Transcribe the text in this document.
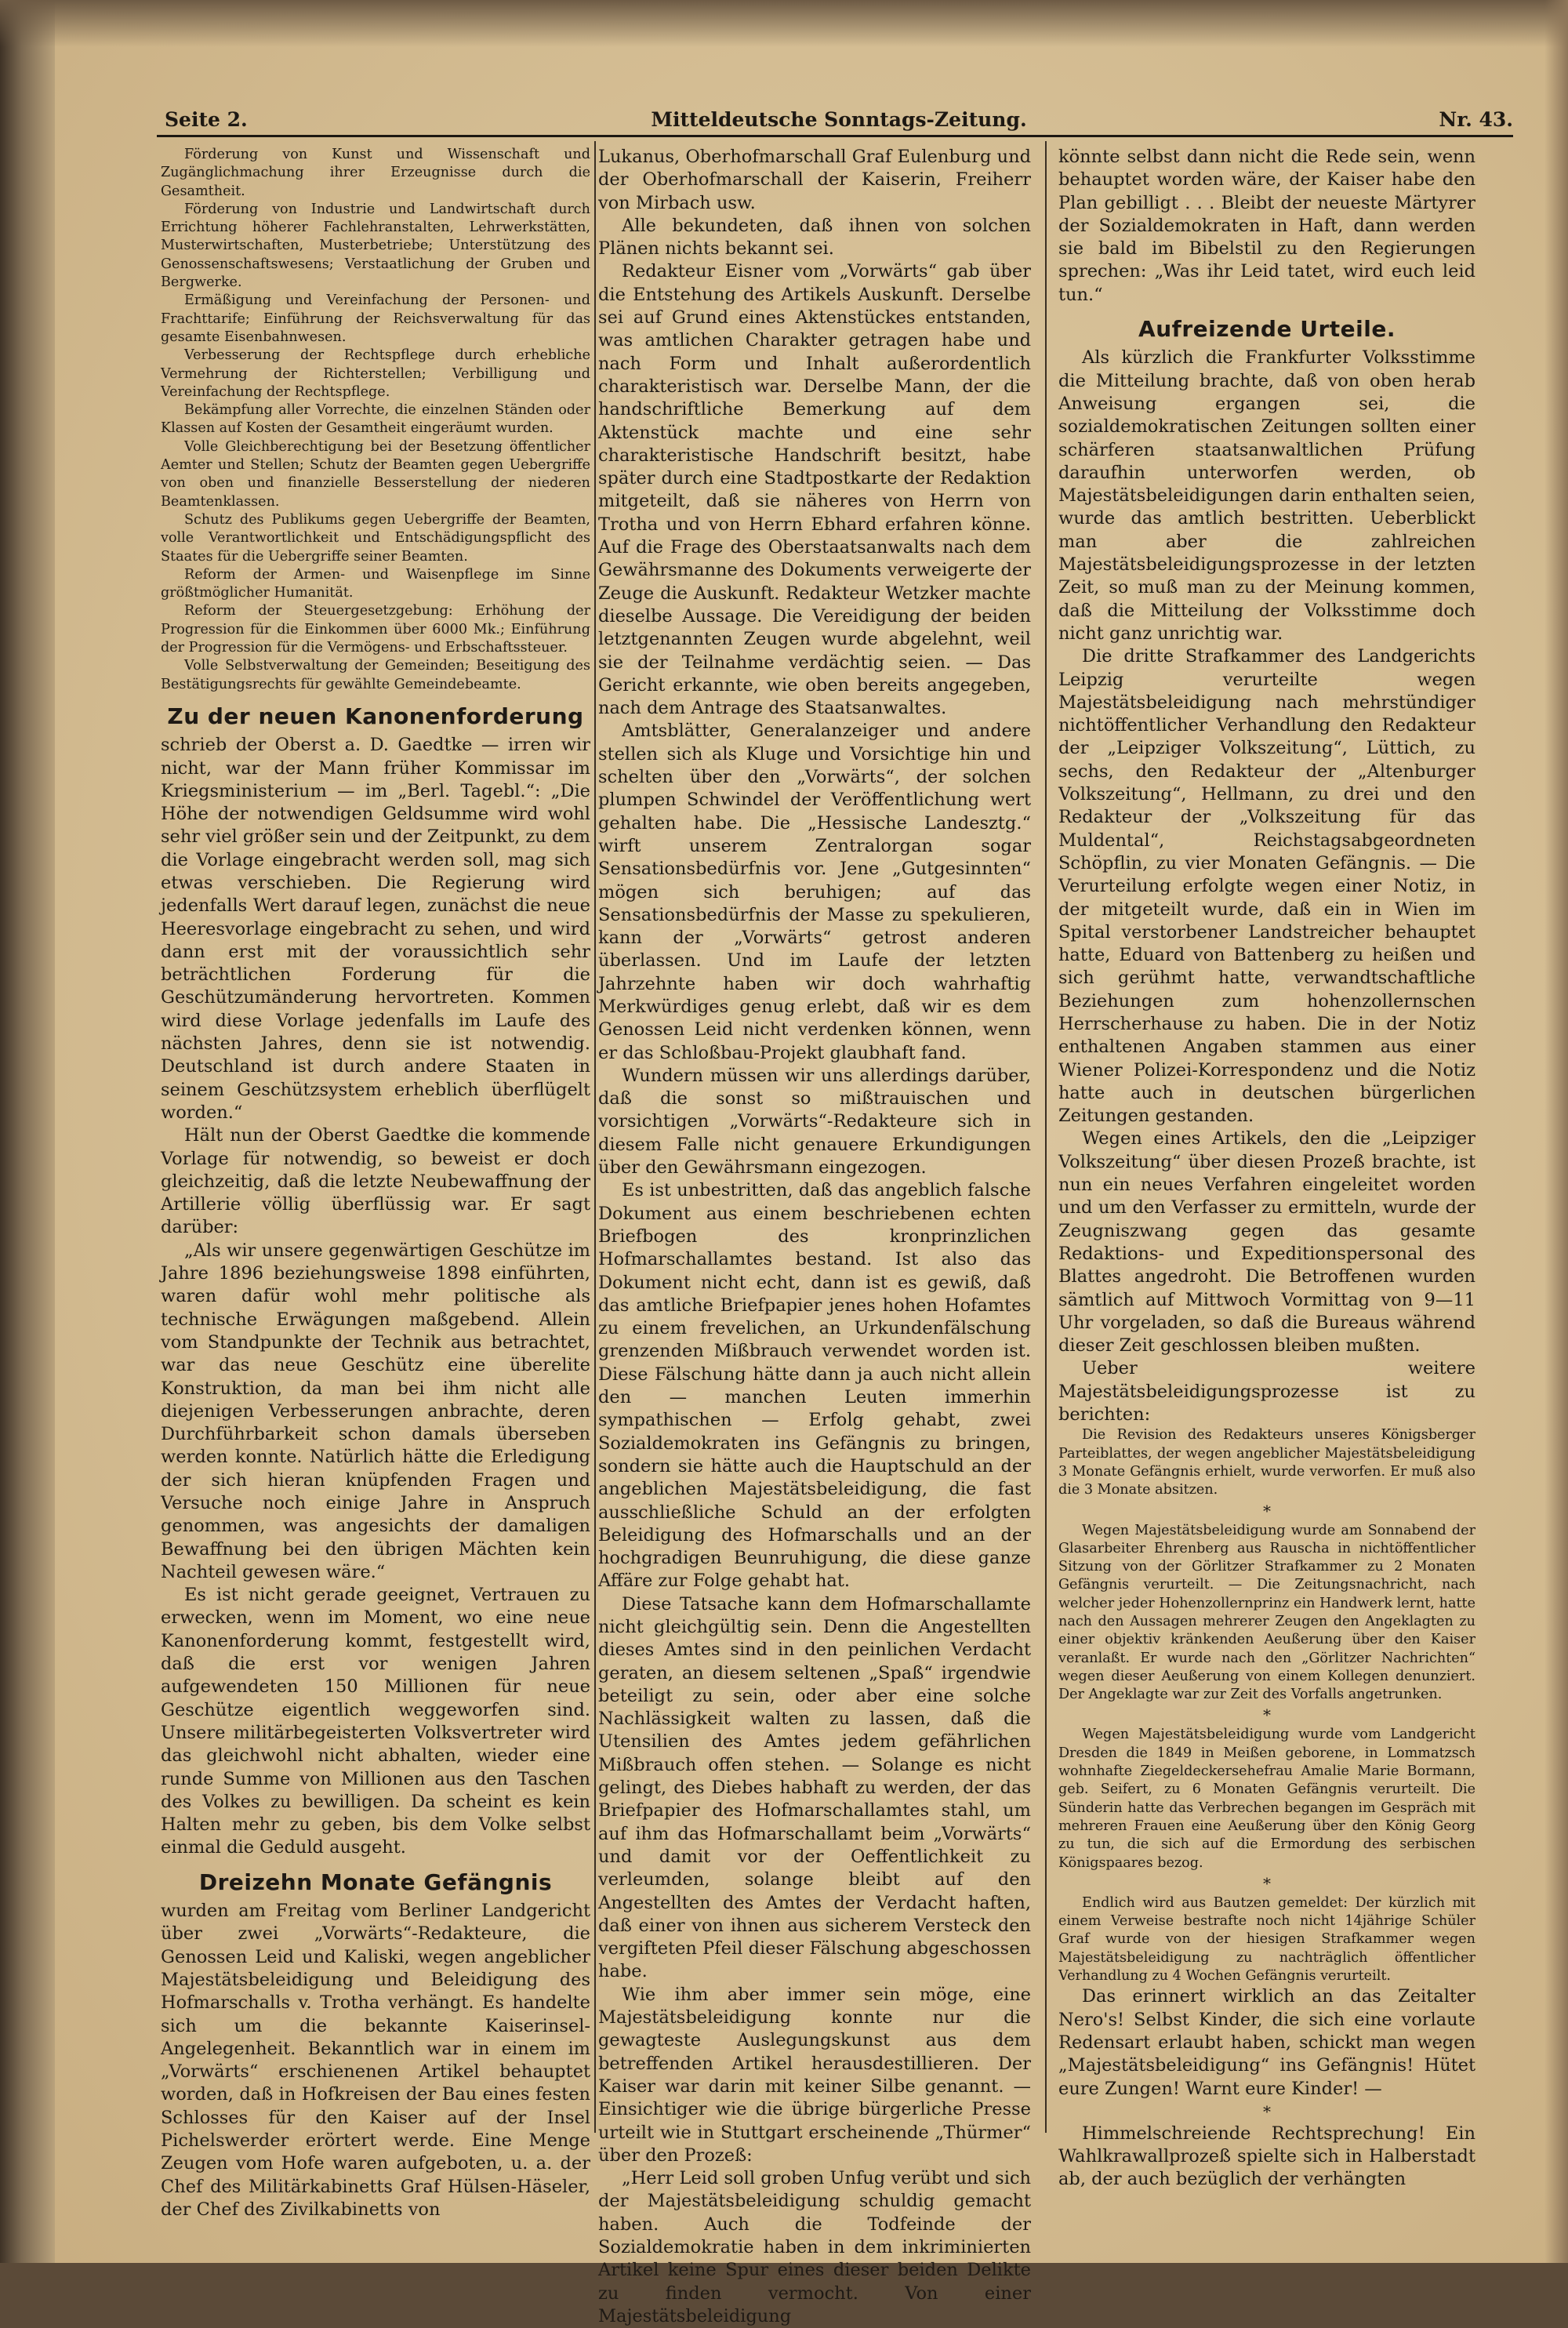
Mitteldeutsche Sonntags-Zeitung.
Seite 2.	Nr. 43.

Förderung von Kunst und Wissenschaft und Zugänglichmachung ihrer Erzeugnisse durch die Gesamtheit.

Förderung von Industrie und Landwirtschaft durch Errichtung höherer Fachlehranstalten, Lehrwerkstätten, Musterwirtschaften, Musterbetriebe; Unterstützung des Genossenschaftswesens; Verstaatlichung der Gruben und Bergwerke.

Ermäßigung und Vereinfachung der Personen- und Frachttarife; Einführung der Reichsverwaltung für das gesamte Eisenbahnwesen.

Verbesserung der Rechtspflege durch erhebliche Vermehrung der Richterstellen; Verbilligung und Vereinfachung der Rechtspflege.

Bekämpfung aller Vorrechte, die einzelnen Ständen oder Klassen auf Kosten der Gesamtheit eingeräumt wurden.

Volle Gleichberechtigung bei der Besetzung öffentlicher Aemter und Stellen; Schutz der Beamten gegen Uebergriffe von oben und finanzielle Besserstellung der niederen Beamtenklassen.

Schutz des Publikums gegen Uebergriffe der Beamten, volle Verantwortlichkeit und Entschädigungspflicht des Staates für die Uebergriffe seiner Beamten.

Reform der Armen- und Waisenpflege im Sinne größtmöglicher Humanität.

Reform der Steuergesetzgebung: Erhöhung der Progression für die Einkommen über 6000 Mk.; Einführung der Progression für die Vermögens- und Erbschaftssteuer.

Volle Selbstverwaltung der Gemeinden; Beseitigung des Bestätigungsrechts für gewählte Gemeindebeamte.

Zu der neuen Kanonenforderung

schrieb der Oberst a. D. Gaedtke — irren wir nicht, war der Mann früher Kommissar im Kriegsministerium — im „Berl. Tagebl.“: „Die Höhe der notwendigen Geldsumme wird wohl sehr viel größer sein und der Zeitpunkt, zu dem die Vorlage eingebracht werden soll, mag sich etwas verschieben. Die Regierung wird jedenfalls Wert darauf legen, zunächst die neue Heeresvorlage eingebracht zu sehen, und wird dann erst mit der voraussichtlich sehr beträchtlichen Forderung für die Geschützumänderung hervortreten. Kommen wird diese Vorlage jedenfalls im Laufe des nächsten Jahres, denn sie ist notwendig. Deutschland ist durch andere Staaten in seinem Geschützsystem erheblich überflügelt worden.“

Hält nun der Oberst Gaedtke die kommende Vorlage für notwendig, so beweist er doch gleichzeitig, daß die letzte Neubewaffnung der Artillerie völlig überflüssig war. Er sagt darüber:

„Als wir unsere gegenwärtigen Geschütze im Jahre 1896 beziehungsweise 1898 einführten, waren dafür wohl mehr politische als technische Erwägungen maßgebend. Allein vom Standpunkte der Technik aus betrachtet, war das neue Geschütz eine überelite Konstruktion, da man bei ihm nicht alle diejenigen Verbesserungen anbrachte, deren Durchführbarkeit schon damals überseben werden konnte. Natürlich hätte die Erledigung der sich hieran knüpfenden Fragen und Versuche noch einige Jahre in Anspruch genommen, was angesichts der damaligen Bewaffnung bei den übrigen Mächten kein Nachteil gewesen wäre.“

Es ist nicht gerade geeignet, Vertrauen zu erwecken, wenn im Moment, wo eine neue Kanonenforderung kommt, festgestellt wird, daß die erst vor wenigen Jahren aufgewendeten 150 Millionen für neue Geschütze eigentlich weggeworfen sind. Unsere militärbegeisterten Volksvertreter wird das gleichwohl nicht abhalten, wieder eine runde Summe von Millionen aus den Taschen des Volkes zu bewilligen. Da scheint es kein Halten mehr zu geben, bis dem Volke selbst einmal die Geduld ausgeht.

Dreizehn Monate Gefängnis

wurden am Freitag vom Berliner Landgericht über zwei „Vorwärts“-Redakteure, die Genossen Leid und Kaliski, wegen angeblicher Majestätsbeleidigung und Beleidigung des Hofmarschalls v. Trotha verhängt. Es handelte sich um die bekannte Kaiserinsel-Angelegenheit. Bekanntlich war in einem im „Vorwärts“ erschienenen Artikel behauptet worden, daß in Hofkreisen der Bau eines festen Schlosses für den Kaiser auf der Insel Pichelswerder erörtert werde. Eine Menge Zeugen vom Hofe waren aufgeboten, u. a. der Chef des Militärkabinetts Graf Hülsen-Häseler, der Chef des Zivilkabinetts von

Lukanus, Oberhofmarschall Graf Eulenburg und der Oberhofmarschall der Kaiserin, Freiherr von Mirbach usw.

Alle bekundeten, daß ihnen von solchen Plänen nichts bekannt sei.

Redakteur Eisner vom „Vorwärts“ gab über die Entstehung des Artikels Auskunft. Derselbe sei auf Grund eines Aktenstückes entstanden, was amtlichen Charakter getragen habe und nach Form und Inhalt außerordentlich charakteristisch war. Derselbe Mann, der die handschriftliche Bemerkung auf dem Aktenstück machte und eine sehr charakteristische Handschrift besitzt, habe später durch eine Stadtpostkarte der Redaktion mitgeteilt, daß sie näheres von Herrn von Trotha und von Herrn Ebhard erfahren könne. Auf die Frage des Oberstaatsanwalts nach dem Gewährsmanne des Dokuments verweigerte der Zeuge die Auskunft. Redakteur Wetzker machte dieselbe Aussage. Die Vereidigung der beiden letztgenannten Zeugen wurde abgelehnt, weil sie der Teilnahme verdächtig seien. — Das Gericht erkannte, wie oben bereits angegeben, nach dem Antrage des Staatsanwaltes.

Amtsblätter, Generalanzeiger und andere stellen sich als Kluge und Vorsichtige hin und schelten über den „Vorwärts“, der solchen plumpen Schwindel der Veröffentlichung wert gehalten habe. Die „Hessische Landesztg.“ wirft unserem Zentralorgan sogar Sensationsbedürfnis vor. Jene „Gutgesinnten“ mögen sich beruhigen; auf das Sensationsbedürfnis der Masse zu spekulieren, kann der „Vorwärts“ getrost anderen überlassen. Und im Laufe der letzten Jahrzehnte haben wir doch wahrhaftig Merkwürdiges genug erlebt, daß wir es dem Genossen Leid nicht verdenken können, wenn er das Schloßbau-Projekt glaubhaft fand.

Wundern müssen wir uns allerdings darüber, daß die sonst so mißtrauischen und vorsichtigen „Vorwärts“-Redakteure sich in diesem Falle nicht genauere Erkundigungen über den Gewährsmann eingezogen.

Es ist unbestritten, daß das angeblich falsche Dokument aus einem beschriebenen echten Briefbogen des kronprinzlichen Hofmarschallamtes bestand. Ist also das Dokument nicht echt, dann ist es gewiß, daß das amtliche Briefpapier jenes hohen Hofamtes zu einem frevelichen, an Urkundenfälschung grenzenden Mißbrauch verwendet worden ist. Diese Fälschung hätte dann ja auch nicht allein den — manchen Leuten immerhin sympathischen — Erfolg gehabt, zwei Sozialdemokraten ins Gefängnis zu bringen, sondern sie hätte auch die Hauptschuld an der angeblichen Majestätsbeleidigung, die fast ausschließliche Schuld an der erfolgten Beleidigung des Hofmarschalls und an der hochgradigen Beunruhigung, die diese ganze Affäre zur Folge gehabt hat.

Diese Tatsache kann dem Hofmarschallamte nicht gleichgültig sein. Denn die Angestellten dieses Amtes sind in den peinlichen Verdacht geraten, an diesem seltenen „Spaß“ irgendwie beteiligt zu sein, oder aber eine solche Nachlässigkeit walten zu lassen, daß die Utensilien des Amtes jedem gefährlichen Mißbrauch offen stehen. — Solange es nicht gelingt, des Diebes habhaft zu werden, der das Briefpapier des Hofmarschallamtes stahl, um auf ihm das Hofmarschallamt beim „Vorwärts“ und damit vor der Oeffentlichkeit zu verleumden, solange bleibt auf den Angestellten des Amtes der Verdacht haften, daß einer von ihnen aus sicherem Versteck den vergifteten Pfeil dieser Fälschung abgeschossen habe.

Wie ihm aber immer sein möge, eine Majestätsbeleidigung konnte nur die gewagteste Auslegungskunst aus dem betreffenden Artikel herausdestillieren. Der Kaiser war darin mit keiner Silbe genannt. — Einsichtiger wie die übrige bürgerliche Presse urteilt wie in Stuttgart erscheinende „Thürmer“ über den Prozeß:

„Herr Leid soll groben Unfug verübt und sich der Majestätsbeleidigung schuldig gemacht haben. Auch die Todfeinde der Sozialdemokratie haben in dem inkriminierten Artikel keine Spur eines dieser beiden Delikte zu finden vermocht. Von einer Majestätsbeleidigung

könnte selbst dann nicht die Rede sein, wenn behauptet worden wäre, der Kaiser habe den Plan gebilligt . . . Bleibt der neueste Märtyrer der Sozialdemokraten in Haft, dann werden sie bald im Bibelstil zu den Regierungen sprechen: „Was ihr Leid tatet, wird euch leid tun.“

Aufreizende Urteile.

Als kürzlich die Frankfurter Volksstimme die Mitteilung brachte, daß von oben herab Anweisung ergangen sei, die sozialdemokratischen Zeitungen sollten einer schärferen staatsanwaltlichen Prüfung daraufhin unterworfen werden, ob Majestätsbeleidigungen darin enthalten seien, wurde das amtlich bestritten. Ueberblickt man aber die zahlreichen Majestätsbeleidigungsprozesse in der letzten Zeit, so muß man zu der Meinung kommen, daß die Mitteilung der Volksstimme doch nicht ganz unrichtig war.

Die dritte Strafkammer des Landgerichts Leipzig verurteilte wegen Majestätsbeleidigung nach mehrstündiger nichtöffentlicher Verhandlung den Redakteur der „Leipziger Volkszeitung“, Lüttich, zu sechs, den Redakteur der „Altenburger Volkszeitung“, Hellmann, zu drei und den Redakteur der „Volkszeitung für das Muldental“, Reichstagsabgeordneten Schöpflin, zu vier Monaten Gefängnis. — Die Verurteilung erfolgte wegen einer Notiz, in der mitgeteilt wurde, daß ein in Wien im Spital verstorbener Landstreicher behauptet hatte, Eduard von Battenberg zu heißen und sich gerühmt hatte, verwandtschaftliche Beziehungen zum hohenzollernschen Herrscherhause zu haben. Die in der Notiz enthaltenen Angaben stammen aus einer Wiener Polizei-Korrespondenz und die Notiz hatte auch in deutschen bürgerlichen Zeitungen gestanden.

Wegen eines Artikels, den die „Leipziger Volkszeitung“ über diesen Prozeß brachte, ist nun ein neues Verfahren eingeleitet worden und um den Verfasser zu ermitteln, wurde der Zeugniszwang gegen das gesamte Redaktions- und Expeditionspersonal des Blattes angedroht. Die Betroffenen wurden sämtlich auf Mittwoch Vormittag von 9—11 Uhr vorgeladen, so daß die Bureaus während dieser Zeit geschlossen bleiben mußten.

Ueber weitere Majestätsbeleidigungsprozesse ist zu berichten:

Die Revision des Redakteurs unseres Königsberger Parteiblattes, der wegen angeblicher Majestätsbeleidigung 3 Monate Gefängnis erhielt, wurde verworfen. Er muß also die 3 Monate absitzen.

*

Wegen Majestätsbeleidigung wurde am Sonnabend der Glasarbeiter Ehrenberg aus Rauscha in nichtöffentlicher Sitzung von der Görlitzer Strafkammer zu 2 Monaten Gefängnis verurteilt. — Die Zeitungsnachricht, nach welcher jeder Hohenzollernprinz ein Handwerk lernt, hatte nach den Aussagen mehrerer Zeugen den Angeklagten zu einer objektiv kränkenden Aeußerung über den Kaiser veranlaßt. Er wurde nach den „Görlitzer Nachrichten“ wegen dieser Aeußerung von einem Kollegen denunziert. Der Angeklagte war zur Zeit des Vorfalls angetrunken.

*

Wegen Majestätsbeleidigung wurde vom Landgericht Dresden die 1849 in Meißen geborene, in Lommatzsch wohnhafte Ziegeldeckersehefrau Amalie Marie Bormann, geb. Seifert, zu 6 Monaten Gefängnis verurteilt. Die Sünderin hatte das Verbrechen begangen im Gespräch mit mehreren Frauen eine Aeußerung über den König Georg zu tun, die sich auf die Ermordung des serbischen Königspaares bezog.

*

Endlich wird aus Bautzen gemeldet: Der kürzlich mit einem Verweise bestrafte noch nicht 14jährige Schüler Graf wurde von der hiesigen Strafkammer wegen Majestätsbeleidigung zu nachträglich öffentlicher Verhandlung zu 4 Wochen Gefängnis verurteilt.

Das erinnert wirklich an das Zeitalter Nero's! Selbst Kinder, die sich eine vorlaute Redensart erlaubt haben, schickt man wegen „Majestätsbeleidigung“ ins Gefängnis! Hütet eure Zungen! Warnt eure Kinder! —

*

Himmelschreiende Rechtsprechung! Ein Wahlkrawallprozeß spielte sich in Halberstadt ab, der auch bezüglich der verhängten
